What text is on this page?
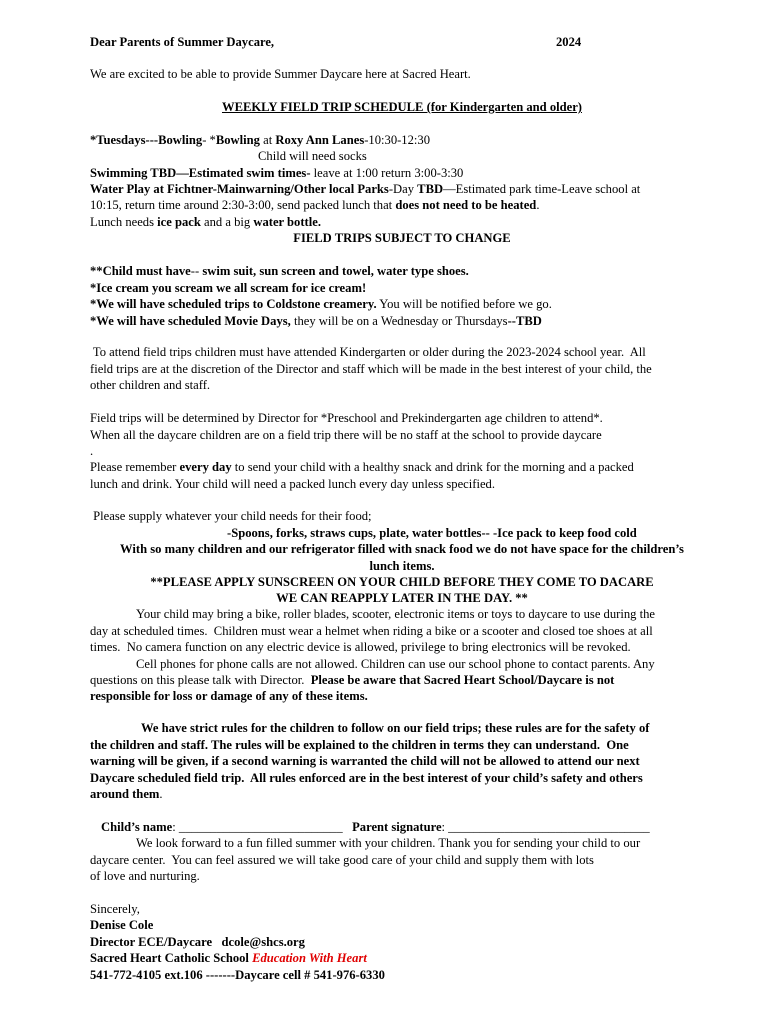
Dear Parents of Summer Daycare,	2024
We are excited to be able to provide Summer Daycare here at Sacred Heart.
WEEKLY FIELD TRIP SCHEDULE (for Kindergarten and older)
*Tuesdays---Bowling- *Bowling at Roxy Ann Lanes-10:30-12:30
Child will need socks
Swimming TBD—Estimated swim times- leave at 1:00 return 3:00-3:30
Water Play at Fichtner-Mainwarning/Other local Parks-Day TBD—Estimated park time-Leave school at
10:15, return time around 2:30-3:00, send packed lunch that does not need to be heated.
Lunch needs ice pack and a big water bottle.
FIELD TRIPS SUBJECT TO CHANGE
**Child must have-- swim suit, sun screen and towel, water type shoes.
*Ice cream you scream we all scream for ice cream!
*We will have scheduled trips to Coldstone creamery. You will be notified before we go.
*We will have scheduled Movie Days, they will be on a Wednesday or Thursdays--TBD
To attend field trips children must have attended Kindergarten or older during the 2023-2024 school year.  All
field trips are at the discretion of the Director and staff which will be made in the best interest of your child, the
other children and staff.
Field trips will be determined by Director for *Preschool and Prekindergarten age children to attend*.
When all the daycare children are on a field trip there will be no staff at the school to provide daycare
.
Please remember every day to send your child with a healthy snack and drink for the morning and a packed
lunch and drink. Your child will need a packed lunch every day unless specified.
Please supply whatever your child needs for their food;
-Spoons, forks, straws cups, plate, water bottles-- -Ice pack to keep food cold
With so many children and our refrigerator filled with snack food we do not have space for the children’s
lunch items.
**PLEASE APPLY SUNSCREEN ON YOUR CHILD BEFORE THEY COME TO DACARE
WE CAN REAPPLY LATER IN THE DAY. **
Your child may bring a bike, roller blades, scooter, electronic items or toys to daycare to use during the
day at scheduled times.  Children must wear a helmet when riding a bike or a scooter and closed toe shoes at all
times.  No camera function on any electric device is allowed, privilege to bring electronics will be revoked.
Cell phones for phone calls are not allowed. Children can use our school phone to contact parents. Any
questions on this please talk with Director.  Please be aware that Sacred Heart School/Daycare is not
responsible for loss or damage of any of these items.
We have strict rules for the children to follow on our field trips; these rules are for the safety of
the children and staff. The rules will be explained to the children in terms they can understand.  One
warning will be given, if a second warning is warranted the child will not be allowed to attend our next
Daycare scheduled field trip.  All rules enforced are in the best interest of your child’s safety and others
around them.
Child’s name: __________________________ Parent signature: ________________________________
We look forward to a fun filled summer with your children. Thank you for sending your child to our
daycare center.  You can feel assured we will take good care of your child and supply them with lots
of love and nurturing.
Sincerely,
Denise Cole
Director ECE/Daycare   dcole@shcs.org
Sacred Heart Catholic School Education With Heart
541-772-4105 ext.106 -------Daycare cell # 541-976-6330
